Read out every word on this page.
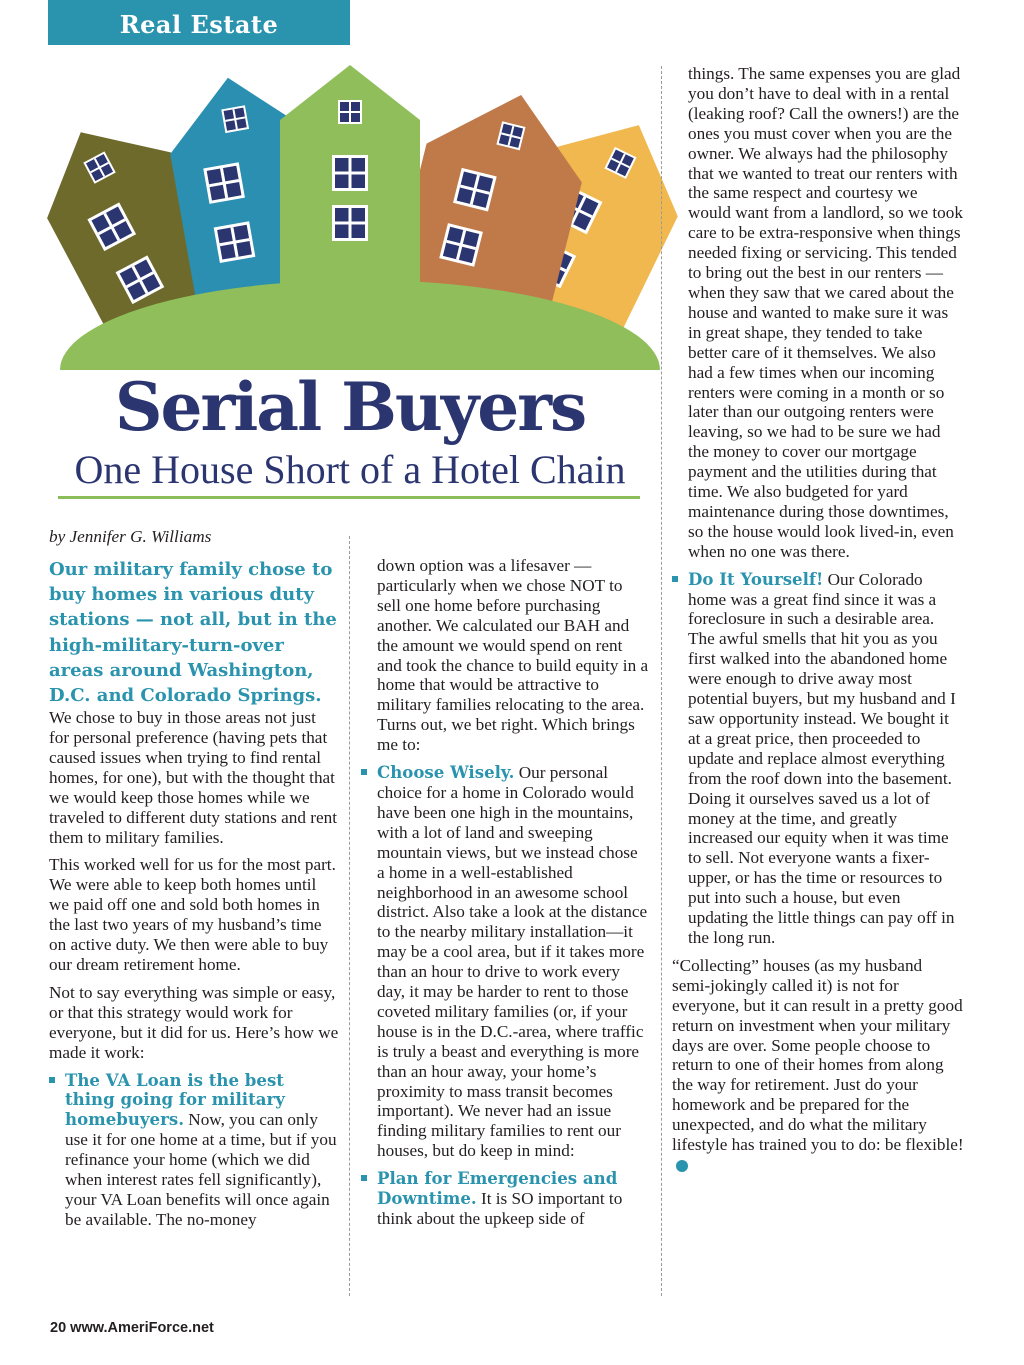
Real Estate
Serial Buyers
One House Short of a Hotel Chain

by Jennifer G. Williams

Our military family chose to buy homes in various duty stations — not all, but in the high-military-turn-over areas around Washington, D.C. and Colorado Springs. We chose to buy in those areas not just for personal preference (having pets that caused issues when trying to find rental homes, for one), but with the thought that we would keep those homes while we traveled to different duty stations and rent them to military families.

This worked well for us for the most part. We were able to keep both homes until we paid off one and sold both homes in the last two years of my husband’s time on active duty. We then were able to buy our dream retirement home.

Not to say everything was simple or easy, or that this strategy would work for everyone, but it did for us. Here’s how we made it work:

The VA Loan is the best thing going for military homebuyers. Now, you can only use it for one home at a time, but if you refinance your home (which we did when interest rates fell significantly), your VA Loan benefits will once again be available. The no-money

down option was a lifesaver — particularly when we chose NOT to sell one home before purchasing another. We calculated our BAH and the amount we would spend on rent and took the chance to build equity in a home that would be attractive to military families relocating to the area. Turns out, we bet right. Which brings me to:

Choose Wisely. Our personal choice for a home in Colorado would have been one high in the mountains, with a lot of land and sweeping mountain views, but we instead chose a home in a well-established neighborhood in an awesome school district. Also take a look at the distance to the nearby military installation—it may be a cool area, but if it takes more than an hour to drive to work every day, it may be harder to rent to those coveted military families (or, if your house is in the D.C.-area, where traffic is truly a beast and everything is more than an hour away, your home’s proximity to mass transit becomes important). We never had an issue finding military families to rent our houses, but do keep in mind:

Plan for Emergencies and Downtime. It is SO important to think about the upkeep side of

things. The same expenses you are glad you don’t have to deal with in a rental (leaking roof? Call the owners!) are the ones you must cover when you are the owner. We always had the philosophy that we wanted to treat our renters with the same respect and courtesy we would want from a landlord, so we took care to be extra-responsive when things needed fixing or servicing. This tended to bring out the best in our renters — when they saw that we cared about the house and wanted to make sure it was in great shape, they tended to take better care of it themselves. We also had a few times when our incoming renters were coming in a month or so later than our outgoing renters were leaving, so we had to be sure we had the money to cover our mortgage payment and the utilities during that time. We also budgeted for yard maintenance during those downtimes, so the house would look lived-in, even when no one was there.

Do It Yourself! Our Colorado home was a great find since it was a foreclosure in such a desirable area. The awful smells that hit you as you first walked into the abandoned home were enough to drive away most potential buyers, but my husband and I saw opportunity instead. We bought it at a great price, then proceeded to update and replace almost everything from the roof down into the basement. Doing it ourselves saved us a lot of money at the time, and greatly increased our equity when it was time to sell. Not everyone wants a fixer-upper, or has the time or resources to put into such a house, but even updating the little things can pay off in the long run.

“Collecting” houses (as my husband semi-jokingly called it) is not for everyone, but it can result in a pretty good return on investment when your military days are over. Some people choose to return to one of their homes from along the way for retirement. Just do your homework and be prepared for the unexpected, and do what the military lifestyle has trained you to do: be flexible!

20 www.AmeriForce.net
